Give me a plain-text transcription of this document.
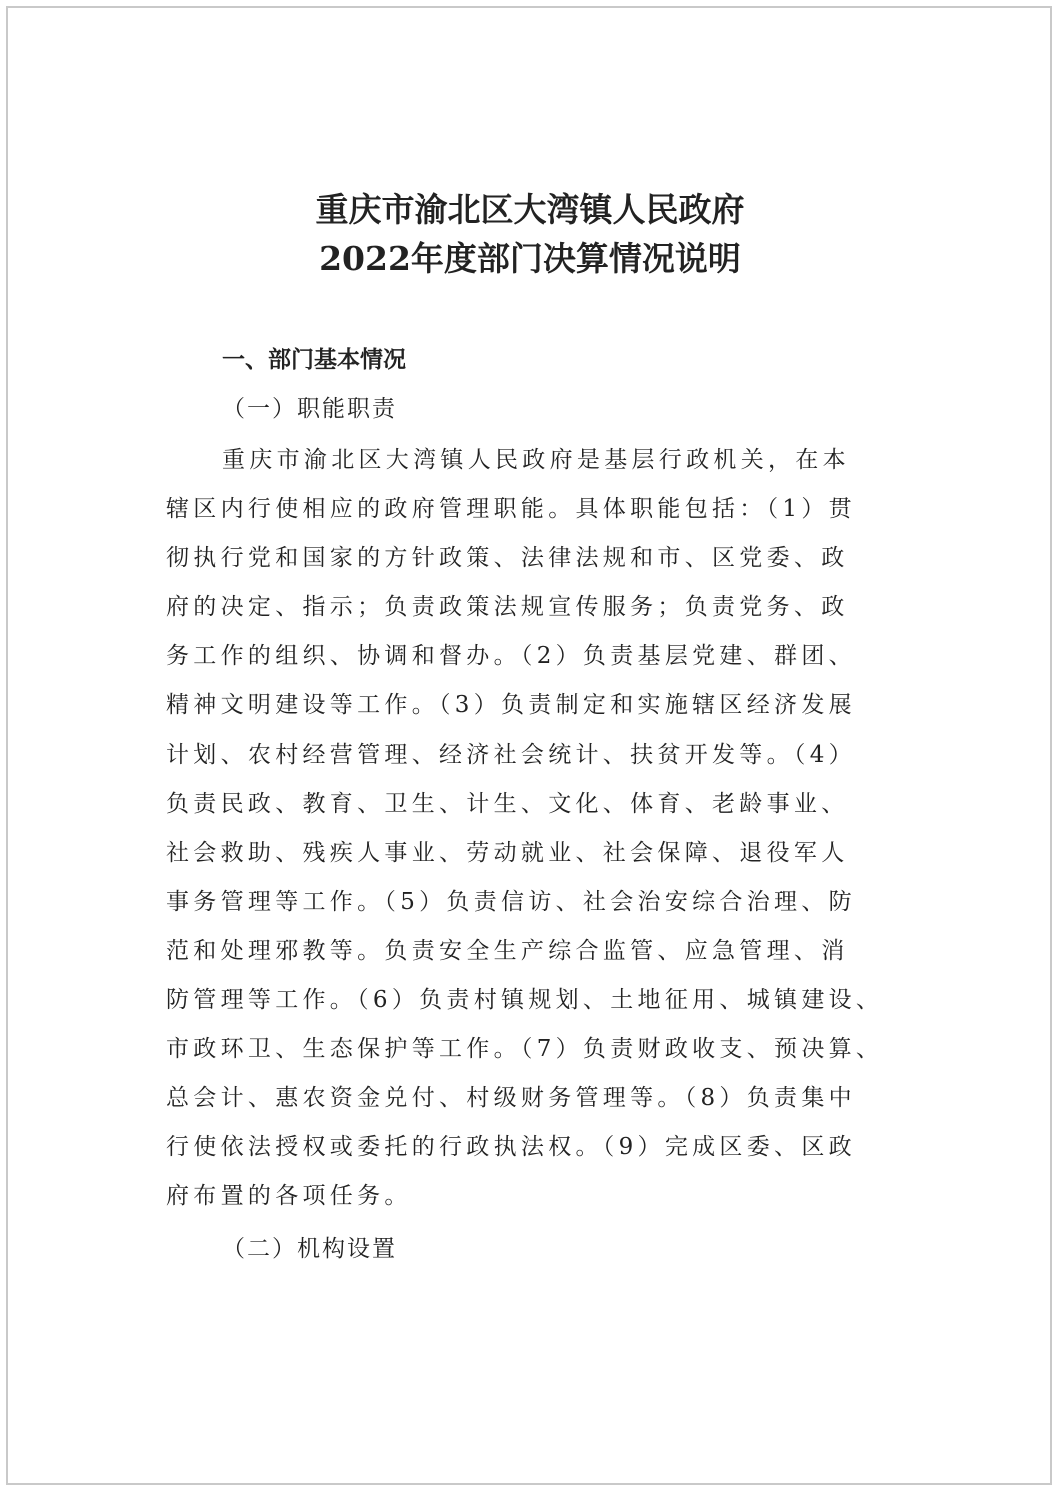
重庆市渝北区大湾镇人民政府
2022年度部门决算情况说明
一、部门基本情况
（一）职能职责
重庆市渝北区大湾镇人民政府是基层行政机关，在本
辖区内行使相应的政府管理职能。具体职能包括：（1）贯
彻执行党和国家的方针政策、法律法规和市、区党委、政
府的决定、指示；负责政策法规宣传服务；负责党务、政
务工作的组织、协调和督办。（2）负责基层党建、群团、
精神文明建设等工作。（3）负责制定和实施辖区经济发展
计划、农村经营管理、经济社会统计、扶贫开发等。（4）
负责民政、教育、卫生、计生、文化、体育、老龄事业、
社会救助、残疾人事业、劳动就业、社会保障、退役军人
事务管理等工作。（5）负责信访、社会治安综合治理、防
范和处理邪教等。负责安全生产综合监管、应急管理、消
防管理等工作。（6）负责村镇规划、土地征用、城镇建设、
市政环卫、生态保护等工作。（7）负责财政收支、预决算、
总会计、惠农资金兑付、村级财务管理等。（8）负责集中
行使依法授权或委托的行政执法权。（9）完成区委、区政
府布置的各项任务。
（二）机构设置
